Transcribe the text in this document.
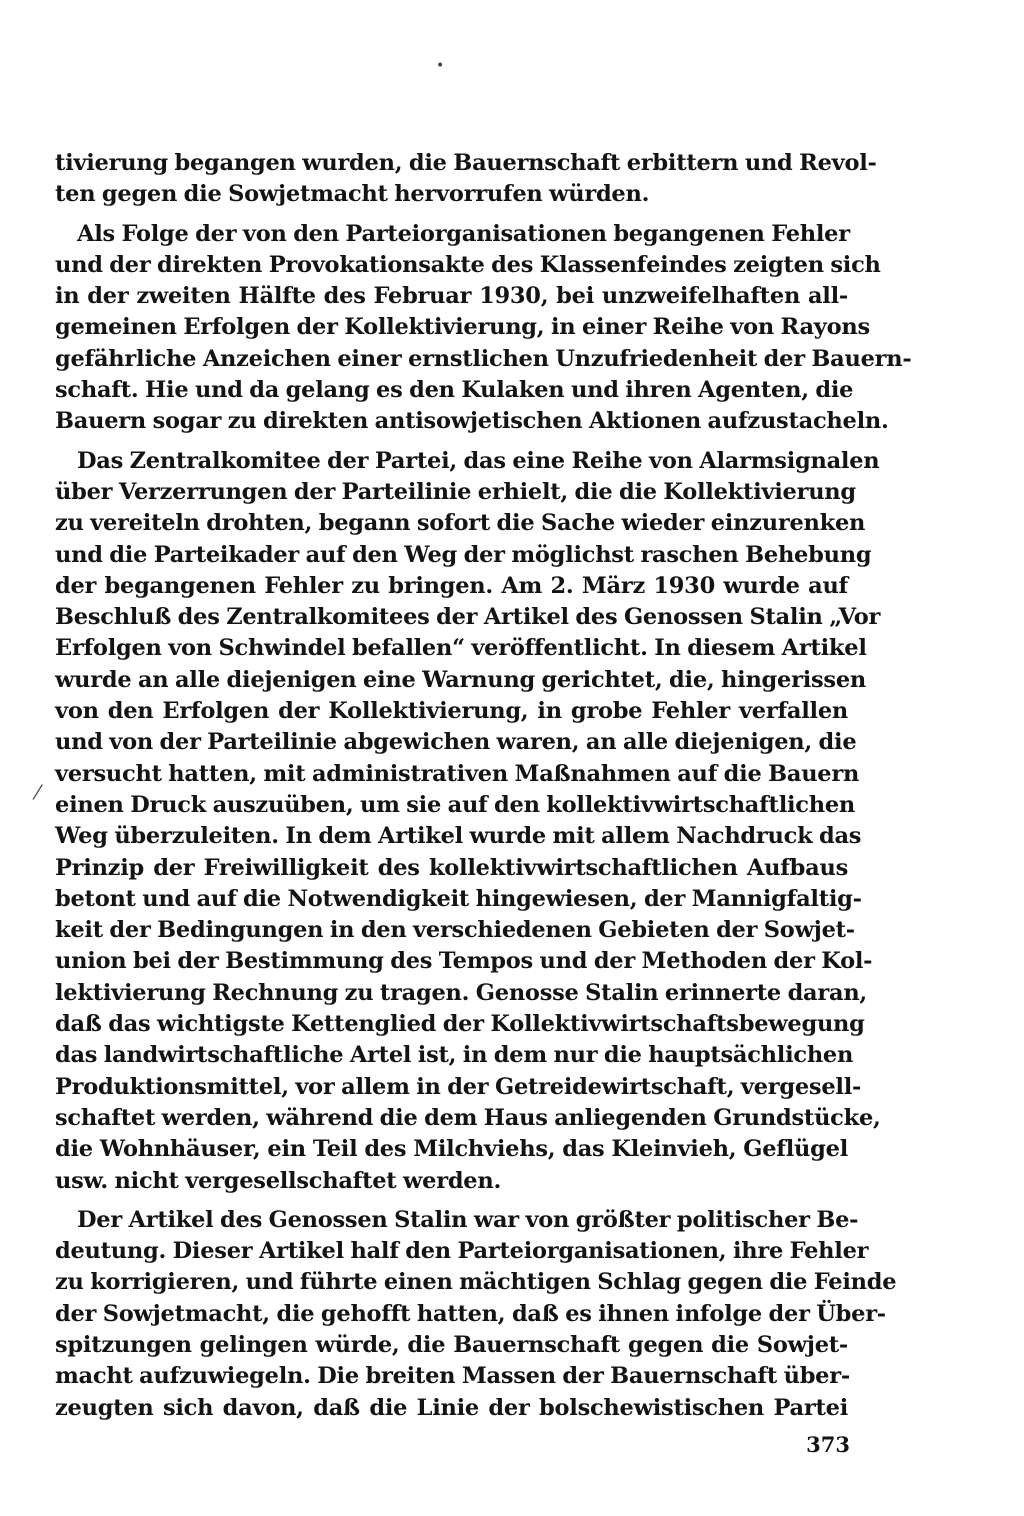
tivierung begangen wurden, die Bauernschaft erbittern und Revol-
ten gegen die Sowjetmacht hervorrufen würden.
Als Folge der von den Parteiorganisationen begangenen Fehler
und der direkten Provokationsakte des Klassenfeindes zeigten sich
in der zweiten Hälfte des Februar 1930, bei unzweifelhaften all-
gemeinen Erfolgen der Kollektivierung, in einer Reihe von Rayons
gefährliche Anzeichen einer ernstlichen Unzufriedenheit der Bauern-
schaft. Hie und da gelang es den Kulaken und ihren Agenten, die
Bauern sogar zu direkten antisowjetischen Aktionen aufzustacheln.
Das Zentralkomitee der Partei, das eine Reihe von Alarmsignalen
über Verzerrungen der Parteilinie erhielt, die die Kollektivierung
zu vereiteln drohten, begann sofort die Sache wieder einzurenken
und die Parteikader auf den Weg der möglichst raschen Behebung
der begangenen Fehler zu bringen. Am 2. März 1930 wurde auf
Beschluß des Zentralkomitees der Artikel des Genossen Stalin „Vor
Erfolgen von Schwindel befallen“ veröffentlicht. In diesem Artikel
wurde an alle diejenigen eine Warnung gerichtet, die, hingerissen
von den Erfolgen der Kollektivierung, in grobe Fehler verfallen
und von der Parteilinie abgewichen waren, an alle diejenigen, die
versucht hatten, mit administrativen Maßnahmen auf die Bauern
einen Druck auszuüben, um sie auf den kollektivwirtschaftlichen
Weg überzuleiten. In dem Artikel wurde mit allem Nachdruck das
Prinzip der Freiwilligkeit des kollektivwirtschaftlichen Aufbaus
betont und auf die Notwendigkeit hingewiesen, der Mannigfaltig-
keit der Bedingungen in den verschiedenen Gebieten der Sowjet-
union bei der Bestimmung des Tempos und der Methoden der Kol-
lektivierung Rechnung zu tragen. Genosse Stalin erinnerte daran,
daß das wichtigste Kettenglied der Kollektivwirtschaftsbewegung
das landwirtschaftliche Artel ist, in dem nur die hauptsächlichen
Produktionsmittel, vor allem in der Getreidewirtschaft, vergesell-
schaftet werden, während die dem Haus anliegenden Grundstücke,
die Wohnhäuser, ein Teil des Milchviehs, das Kleinvieh, Geflügel
usw. nicht vergesellschaftet werden.
Der Artikel des Genossen Stalin war von größter politischer Be-
deutung. Dieser Artikel half den Parteiorganisationen, ihre Fehler
zu korrigieren, und führte einen mächtigen Schlag gegen die Feinde
der Sowjetmacht, die gehofft hatten, daß es ihnen infolge der Über-
spitzungen gelingen würde, die Bauernschaft gegen die Sowjet-
macht aufzuwiegeln. Die breiten Massen der Bauernschaft über-
zeugten sich davon, daß die Linie der bolschewistischen Partei
373
•
⁄
